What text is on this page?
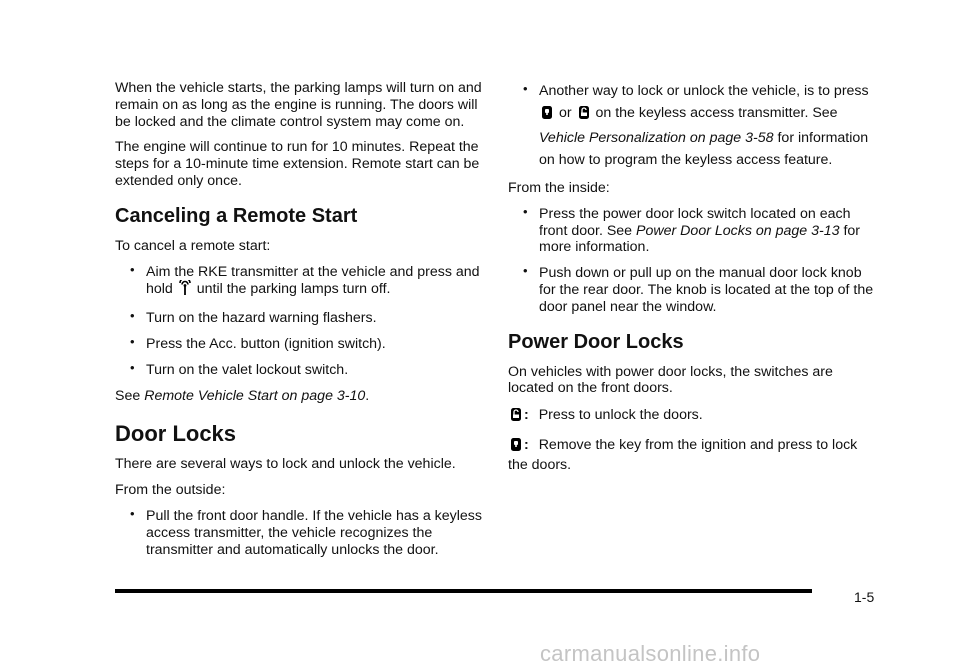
When the vehicle starts, the parking lamps will turn on and remain on as long as the engine is running. The doors will be locked and the climate control system may come on.

The engine will continue to run for 10 minutes. Repeat the steps for a 10-minute time extension. Remote start can be extended only once.

Canceling a Remote Start

To cancel a remote start:

• Aim the RKE transmitter at the vehicle and press and hold until the parking lamps turn off.
• Turn on the hazard warning flashers.
• Press the Acc. button (ignition switch).
• Turn on the valet lockout switch.

See Remote Vehicle Start on page 3-10.

Door Locks

There are several ways to lock and unlock the vehicle.

From the outside:

• Pull the front door handle. If the vehicle has a keyless access transmitter, the vehicle recognizes the transmitter and automatically unlocks the door.
• Another way to lock or unlock the vehicle, is to press  or on the keyless access transmitter. See Vehicle Personalization on page 3-58 for information on how to program the keyless access feature.

From the inside:

• Press the power door lock switch located on each front door. See Power Door Locks on page 3-13 for more information.
• Push down or pull up on the manual door lock knob for the rear door. The knob is located at the top of the door panel near the window.
Power Door Locks

On vehicles with power door locks, the switches are located on the front doors.

: Press to unlock the doors.

: Remove the key from the ignition and press to lock the doors.

1-5
carmanualsonline.info
